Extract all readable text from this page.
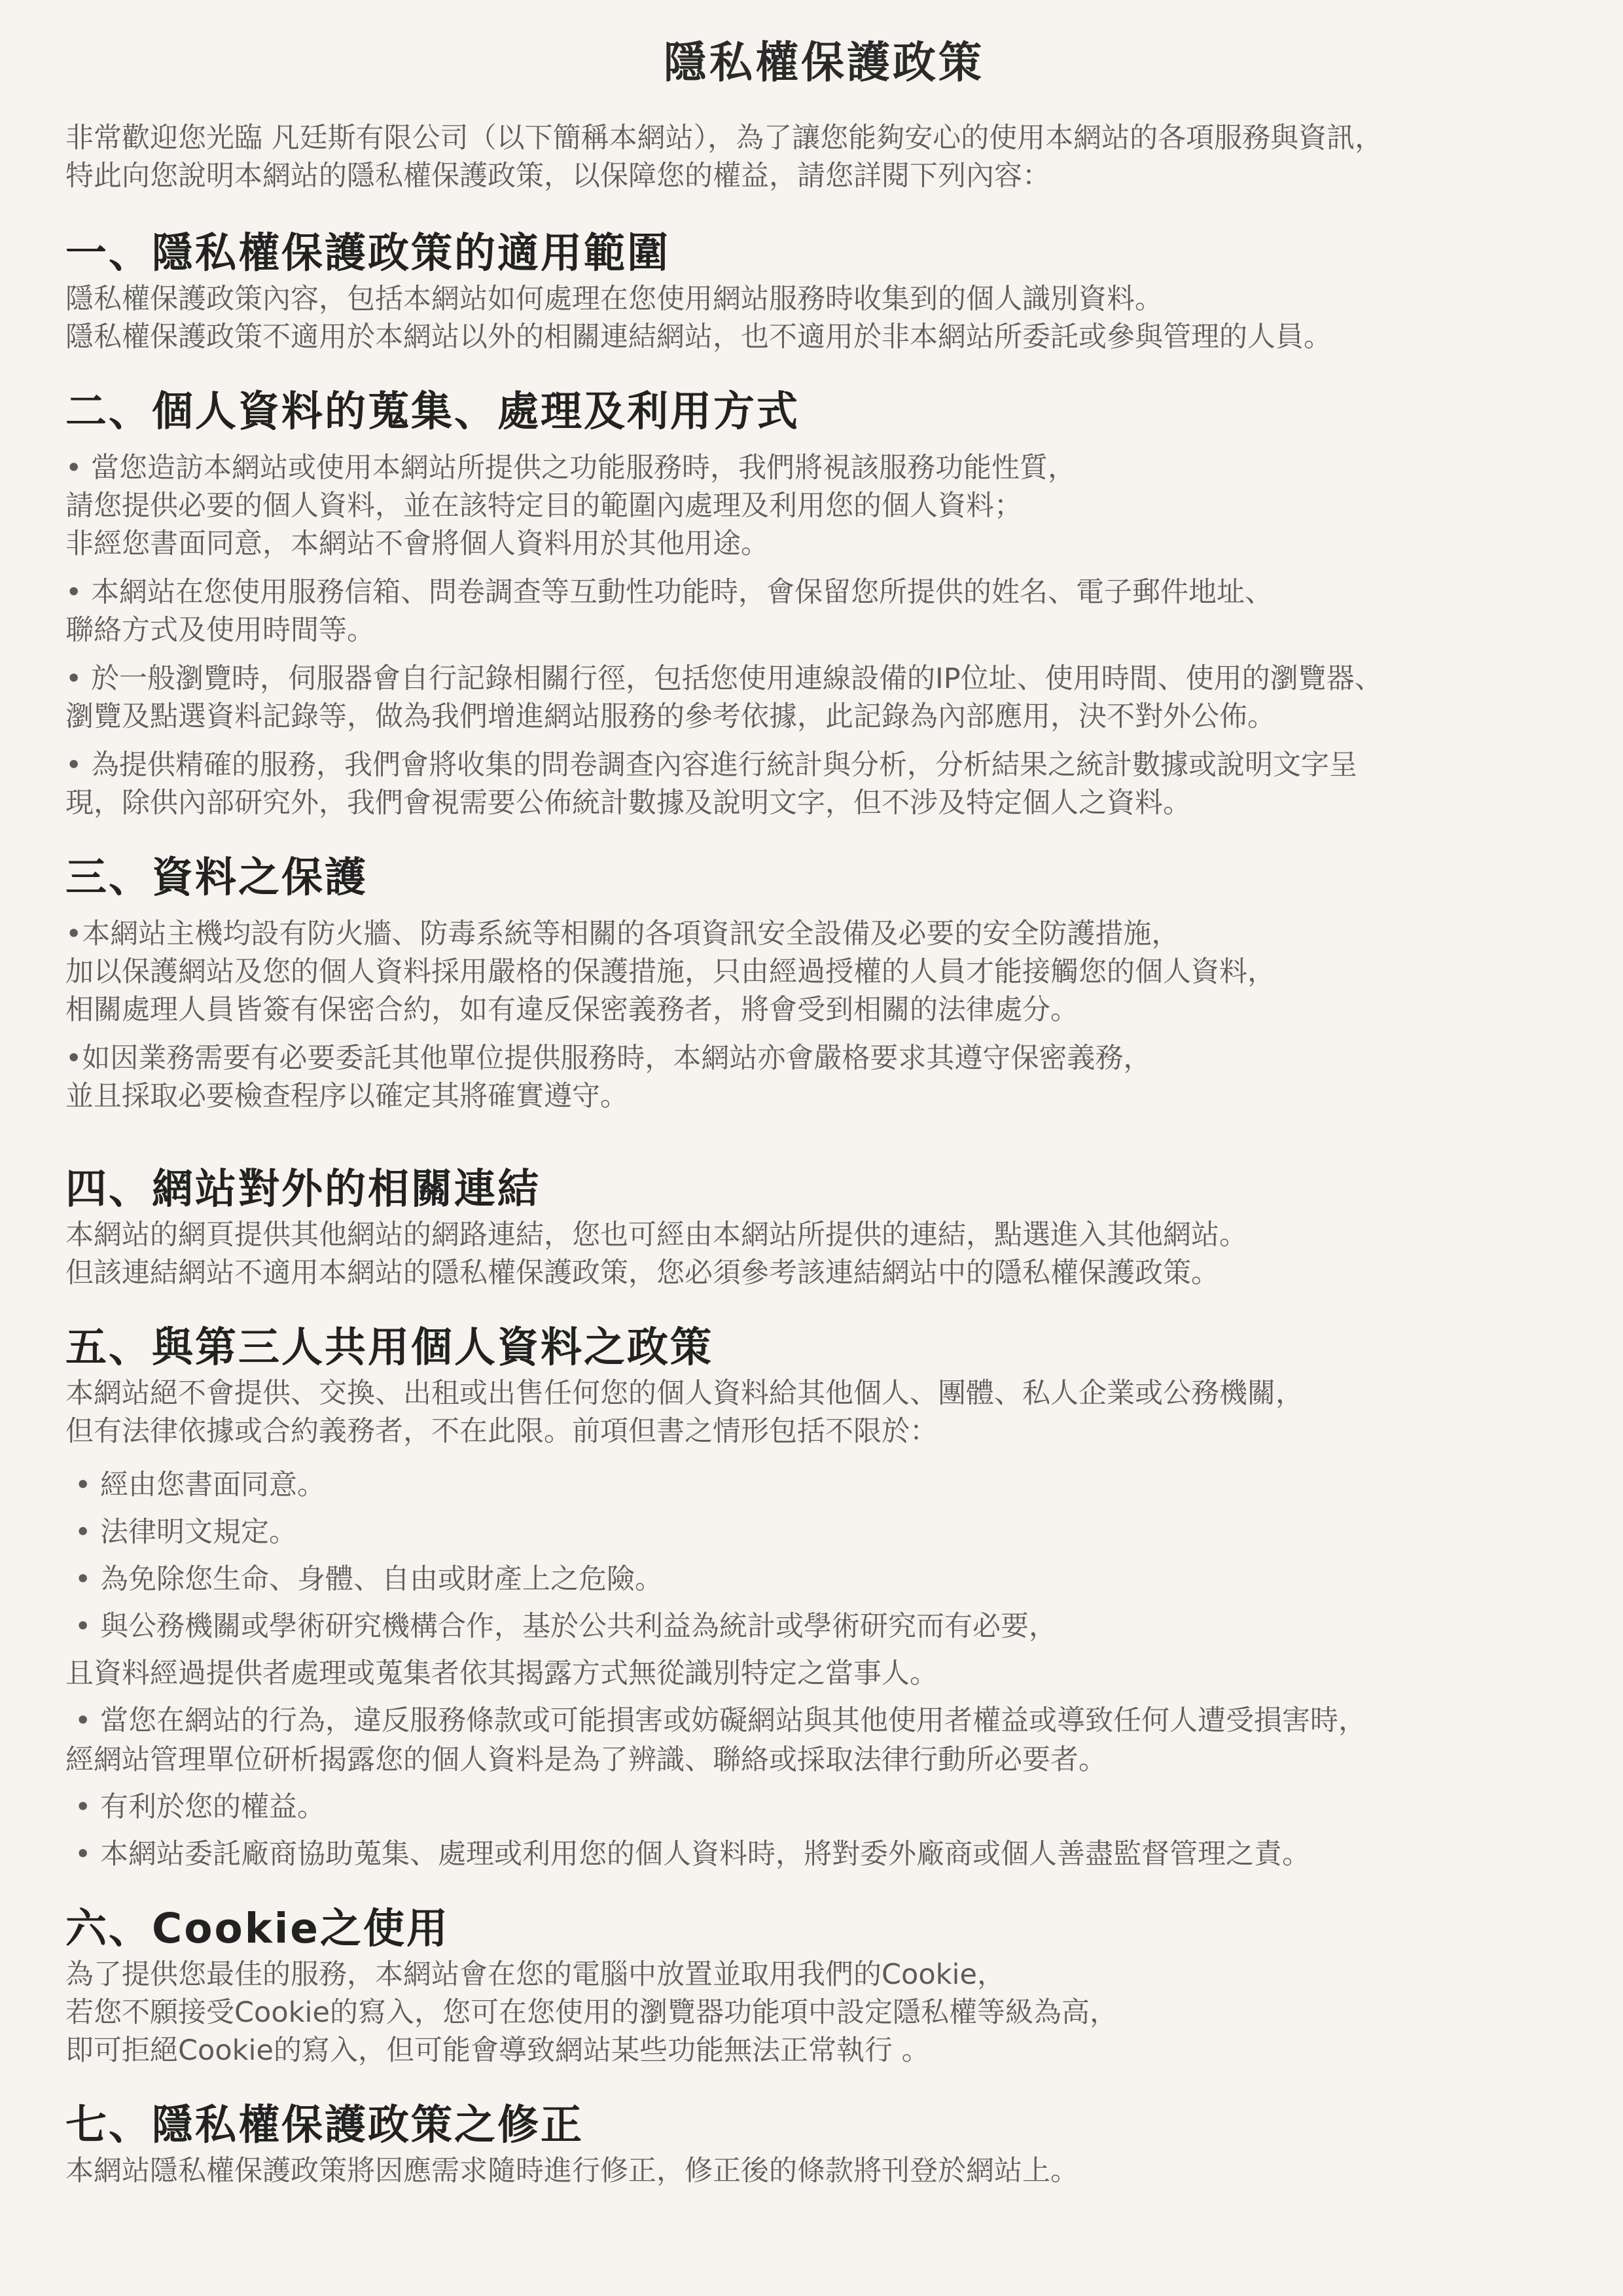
隱私權保護政策

非常歡迎您光臨 凡廷斯有限公司（以下簡稱本網站），為了讓您能夠安心的使用本網站的各項服務與資訊，
特此向您說明本網站的隱私權保護政策，以保障您的權益，請您詳閱下列內容：

一、隱私權保護政策的適用範圍

隱私權保護政策內容，包括本網站如何處理在您使用網站服務時收集到的個人識別資料。
隱私權保護政策不適用於本網站以外的相關連結網站，也不適用於非本網站所委託或參與管理的人員。

二、個人資料的蒐集、處理及利用方式

• 當您造訪本網站或使用本網站所提供之功能服務時，我們將視該服務功能性質，
請您提供必要的個人資料，並在該特定目的範圍內處理及利用您的個人資料；
非經您書面同意，本網站不會將個人資料用於其他用途。

• 本網站在您使用服務信箱、問卷調查等互動性功能時，會保留您所提供的姓名、電子郵件地址、
聯絡方式及使用時間等。

• 於一般瀏覽時，伺服器會自行記錄相關行徑，包括您使用連線設備的IP位址、使用時間、使用的瀏覽器、
瀏覽及點選資料記錄等，做為我們增進網站服務的參考依據，此記錄為內部應用，決不對外公佈。

• 為提供精確的服務，我們會將收集的問卷調查內容進行統計與分析，分析結果之統計數據或說明文字呈
現，除供內部研究外，我們會視需要公佈統計數據及說明文字，但不涉及特定個人之資料。

三、資料之保護

•本網站主機均設有防火牆、防毒系統等相關的各項資訊安全設備及必要的安全防護措施，
加以保護網站及您的個人資料採用嚴格的保護措施，只由經過授權的人員才能接觸您的個人資料，
相關處理人員皆簽有保密合約，如有違反保密義務者，將會受到相關的法律處分。

•如因業務需要有必要委託其他單位提供服務時，本網站亦會嚴格要求其遵守保密義務，
並且採取必要檢查程序以確定其將確實遵守。

四、網站對外的相關連結

本網站的網頁提供其他網站的網路連結，您也可經由本網站所提供的連結，點選進入其他網站。
但該連結網站不適用本網站的隱私權保護政策，您必須參考該連結網站中的隱私權保護政策。

五、與第三人共用個人資料之政策

本網站絕不會提供、交換、出租或出售任何您的個人資料給其他個人、團體、私人企業或公務機關，
但有法律依據或合約義務者，不在此限。前項但書之情形包括不限於：

• 經由您書面同意。
• 法律明文規定。
• 為免除您生命、身體、自由或財產上之危險。
• 與公務機關或學術研究機構合作，基於公共利益為統計或學術研究而有必要，
且資料經過提供者處理或蒐集者依其揭露方式無從識別特定之當事人。
• 當您在網站的行為，違反服務條款或可能損害或妨礙網站與其他使用者權益或導致任何人遭受損害時，
經網站管理單位研析揭露您的個人資料是為了辨識、聯絡或採取法律行動所必要者。
• 有利於您的權益。
• 本網站委託廠商協助蒐集、處理或利用您的個人資料時，將對委外廠商或個人善盡監督管理之責。
六、Cookie之使用

為了提供您最佳的服務，本網站會在您的電腦中放置並取用我們的Cookie，
若您不願接受Cookie的寫入，您可在您使用的瀏覽器功能項中設定隱私權等級為高，
即可拒絕Cookie的寫入，但可能會導致網站某些功能無法正常執行 。

七、隱私權保護政策之修正

本網站隱私權保護政策將因應需求隨時進行修正，修正後的條款將刊登於網站上。
